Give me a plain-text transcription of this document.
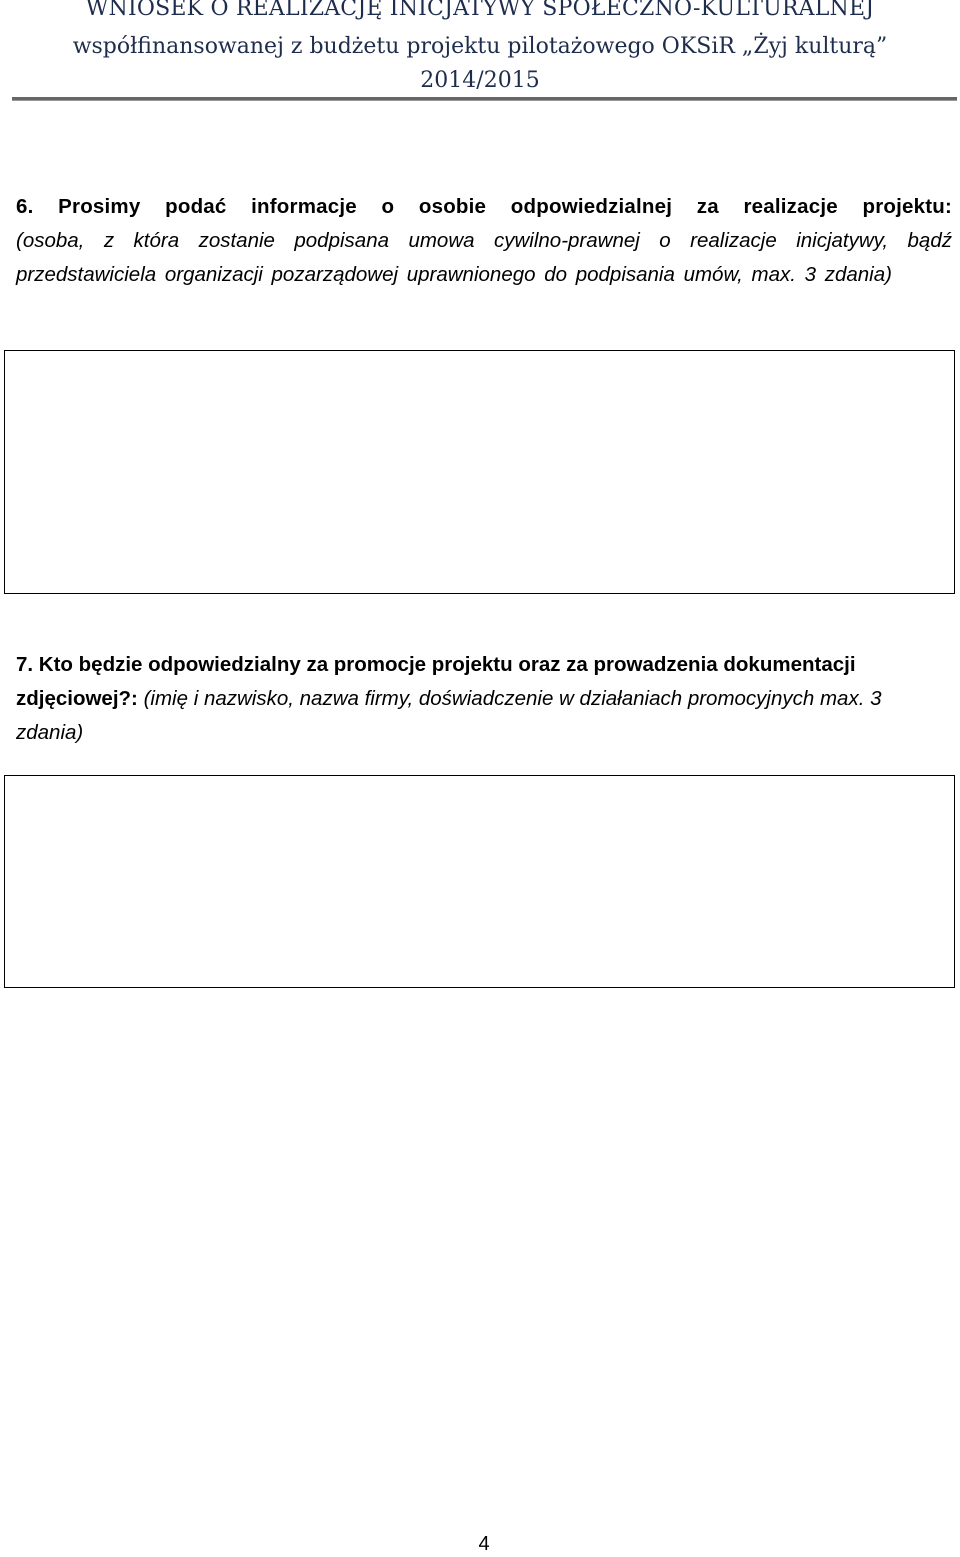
WNIOSEK O REALIZACJĘ INICJATYWY SPOŁECZNO-KULTURALNEJ
współfinansowanej z budżetu projektu pilotażowego OKSiR „Żyj kulturą”
2014/2015
6. Prosimy podać informacje o osobie odpowiedzialnej za realizacje projektu: (osoba, z która zostanie podpisana umowa cywilno-prawnej o realizacje inicjatywy, bądź przedstawiciela organizacji pozarządowej uprawnionego do podpisania umów, max. 3 zdania)
7. Kto będzie odpowiedzialny za promocje projektu oraz za prowadzenia dokumentacji zdjęciowej?: (imię i nazwisko, nazwa firmy, doświadczenie w działaniach promocyjnych max. 3 zdania)
4
